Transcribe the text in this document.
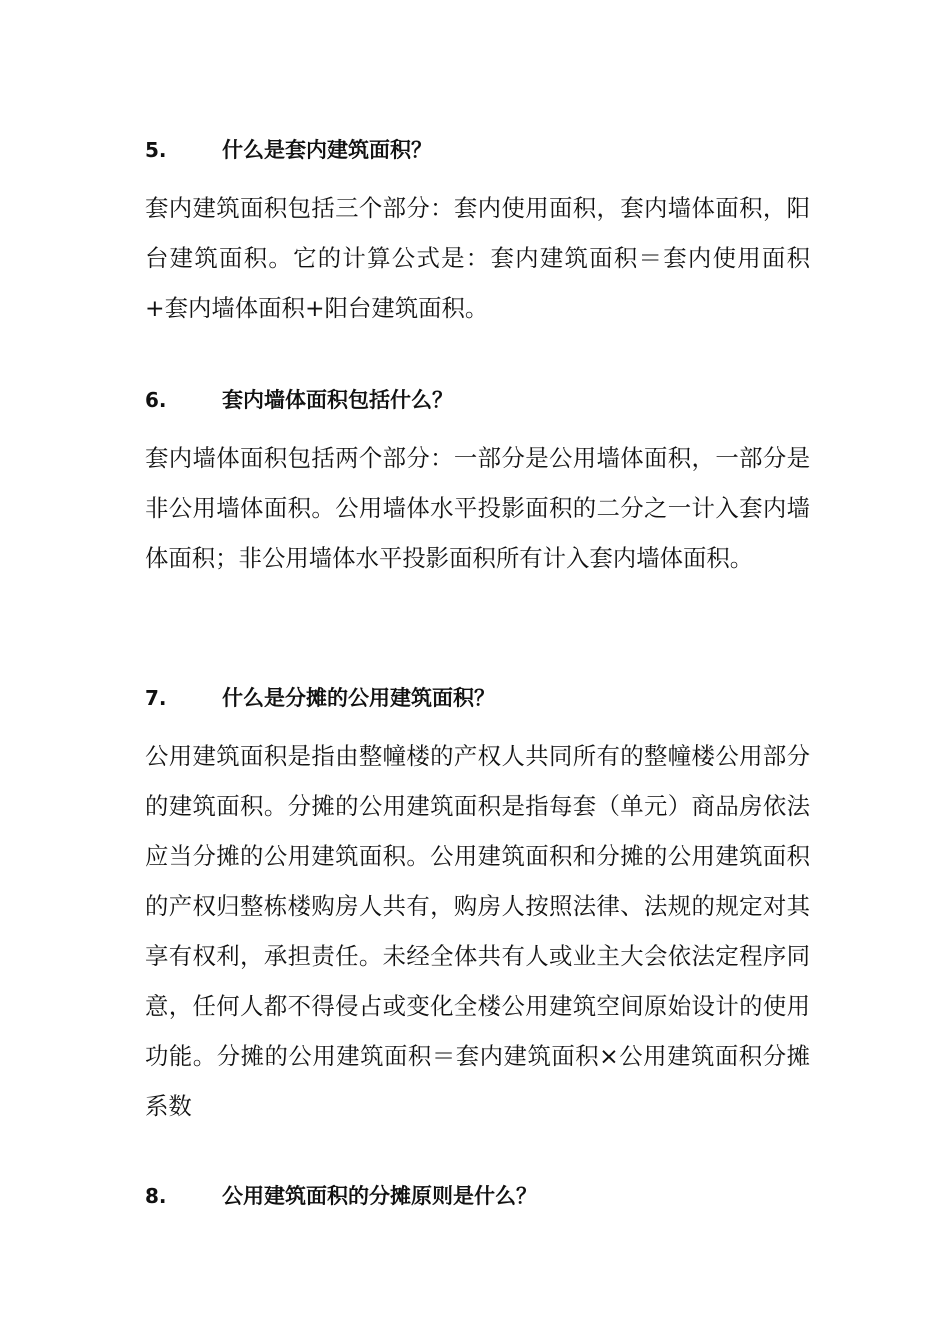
5.	什么是套内建筑面积？

套内建筑面积包括三个部分：套内使用面积，套内墙体面积，阳台建筑面积。它的计算公式是：套内建筑面积＝套内使用面积+套内墙体面积+阳台建筑面积。

6.	套内墙体面积包括什么？

套内墙体面积包括两个部分：一部分是公用墙体面积，一部分是非公用墙体面积。公用墙体水平投影面积的二分之一计入套内墙体面积；非公用墙体水平投影面积所有计入套内墙体面积。

7.	什么是分摊的公用建筑面积？

公用建筑面积是指由整幢楼的产权人共同所有的整幢楼公用部分的建筑面积。分摊的公用建筑面积是指每套（单元）商品房依法应当分摊的公用建筑面积。公用建筑面积和分摊的公用建筑面积的产权归整栋楼购房人共有，购房人按照法律、法规的规定对其享有权利，承担责任。未经全体共有人或业主大会依法定程序同意，任何人都不得侵占或变化全楼公用建筑空间原始设计的使用功能。分摊的公用建筑面积＝套内建筑面积×公用建筑面积分摊系数

8.	公用建筑面积的分摊原则是什么？
